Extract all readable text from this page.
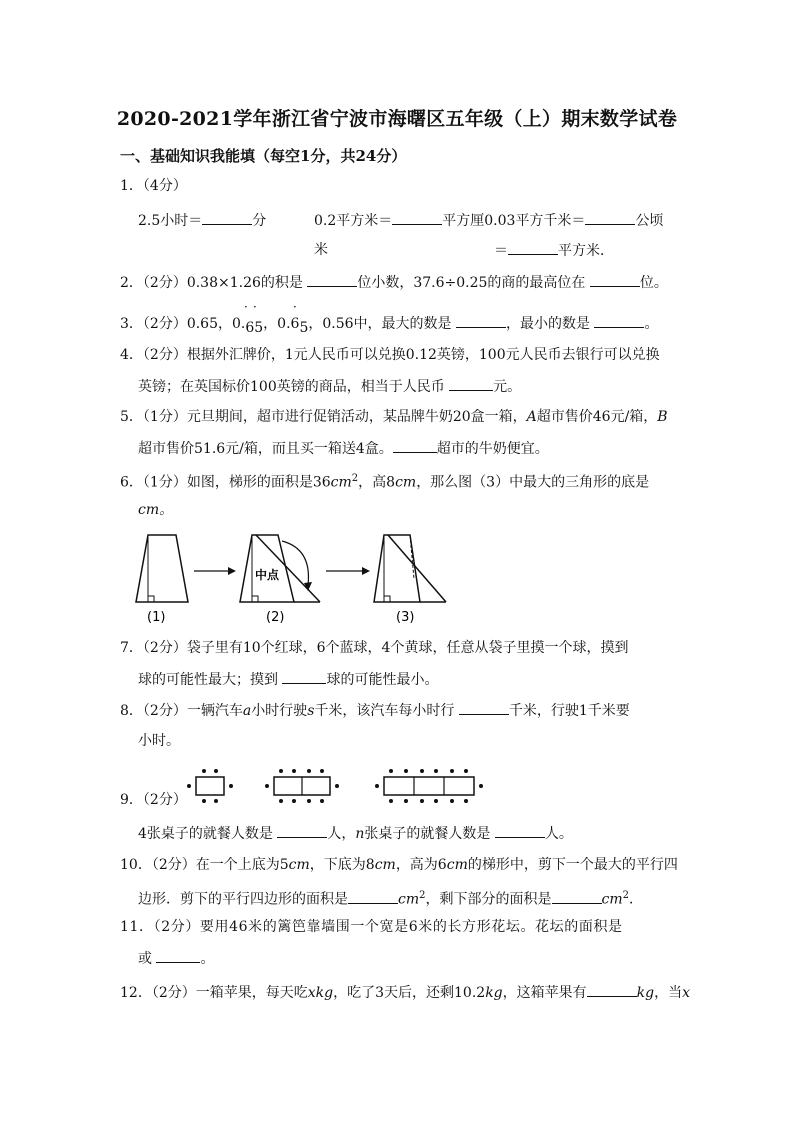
2020-2021学年浙江省宁波市海曙区五年级（上）期末数学试卷
一、基础知识我能填（每空1分，共24分）
1．（4分）
2.5小时＝	分	0.2平方米＝	平方厘0.03平方千米＝	公顷
米	＝	平方米．
2．（2分）0.38×1.26的积是	位小数，37.6÷0.25的商的最高位在	位。
3．（2分）0.65，0.65，0.65，0.56中，最大的数是	，最小的数是	。
· ·	·
4．（2分）根据外汇牌价，1元人民币可以兑换0.12英镑，100元人民币去银行可以兑换
英镑；在英国标价100英镑的商品，相当于人民币	元。
5．（1分）元旦期间，超市进行促销活动，某品牌牛奶20盒一箱，A超市售价46元/箱，B
超市售价51.6元/箱，而且买一箱送4盒。	超市的牛奶便宜。
6．（1分）如图，梯形的面积是$36cm^2$，高8cm，那么图（3）中最大的三角形的底是
cm。
(1)	(2)	(3)
中点
7．（2分）袋子里有10个红球，6个蓝球，4个黄球，任意从袋子里摸一个球，摸到
球的可能性最大；摸到	球的可能性最小。
8．（2分）一辆汽车a小时行驶s千米，该汽车每小时行	千米，行驶1千米要
小时。
9．（2分）
4张桌子的就餐人数是	人，n张桌子的就餐人数是	人。
10．（2分）在一个上底为5cm，下底为8cm，高为6cm的梯形中，剪下一个最大的平行四
边形．剪下的平行四边形的面积是	$cm^2$，剩下部分的面积是	$cm^2$．
11．（2分）要用46米的篱笆靠墙围一个宽是6米的长方形花坛。花坛的面积是
或	。
12．（2分）一箱苹果，每天吃xkg，吃了3天后，还剩10.2kg，这箱苹果有	kg，当x
